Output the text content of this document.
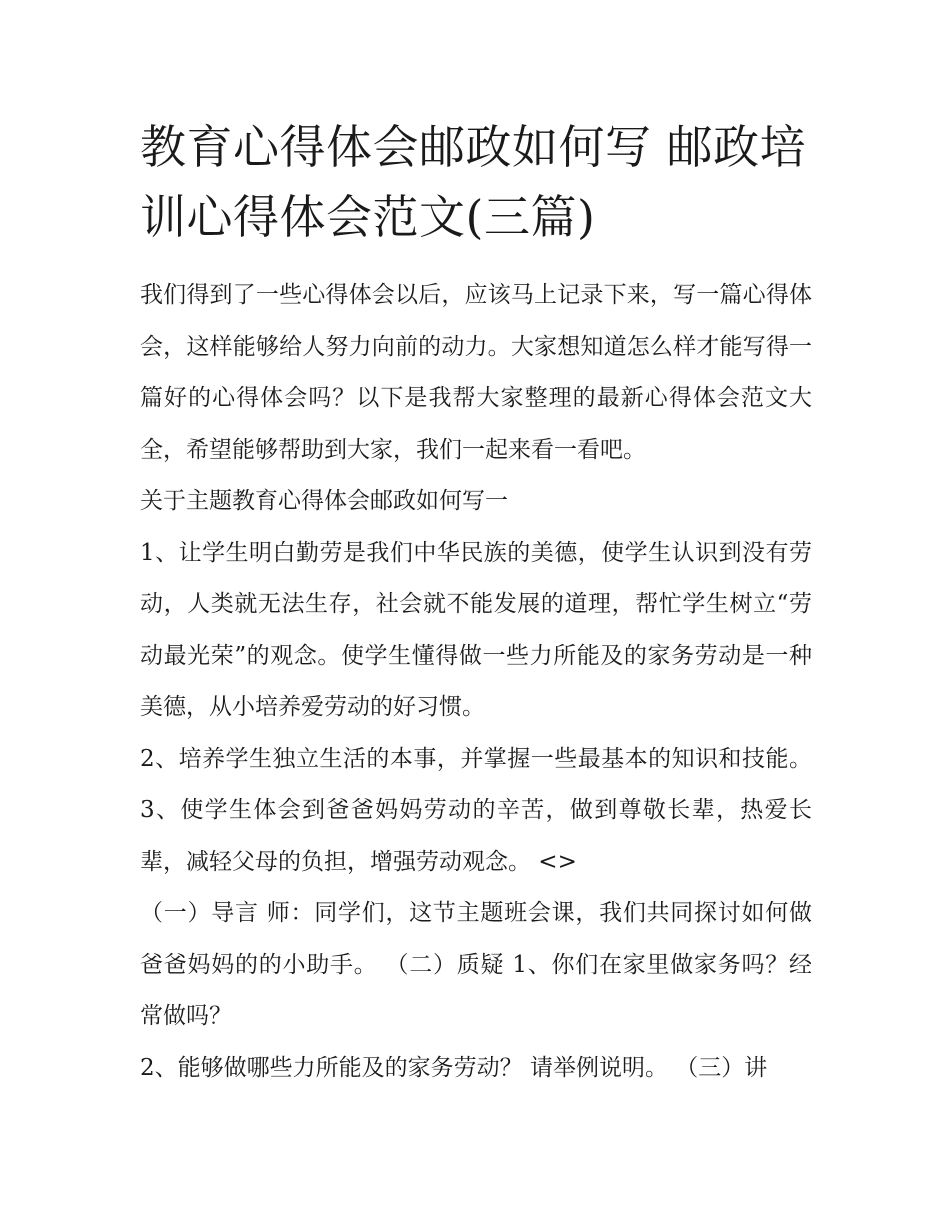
教育心得体会邮政如何写 邮政培训心得体会范文(三篇)

我们得到了一些心得体会以后，应该马上记录下来，写一篇心得体会，这样能够给人努力向前的动力。大家想知道怎么样才能写得一篇好的心得体会吗？以下是我帮大家整理的最新心得体会范文大全，希望能够帮助到大家，我们一起来看一看吧。

关于主题教育心得体会邮政如何写一

1、让学生明白勤劳是我们中华民族的美德，使学生认识到没有劳动，人类就无法生存，社会就不能发展的道理，帮忙学生树立“劳动最光荣”的观念。使学生懂得做一些力所能及的家务劳动是一种美德，从小培养爱劳动的好习惯。

2、培养学生独立生活的本事，并掌握一些最基本的知识和技能。 3、使学生体会到爸爸妈妈劳动的辛苦，做到尊敬长辈，热爱长辈，减轻父母的负担，增强劳动观念。 <>

（一）导言 师：同学们，这节主题班会课，我们共同探讨如何做爸爸妈妈的的小助手。 （二）质疑 1、你们在家里做家务吗？经常做吗？

2、能够做哪些力所能及的家务劳动？ 请举例说明。 （三）讲
